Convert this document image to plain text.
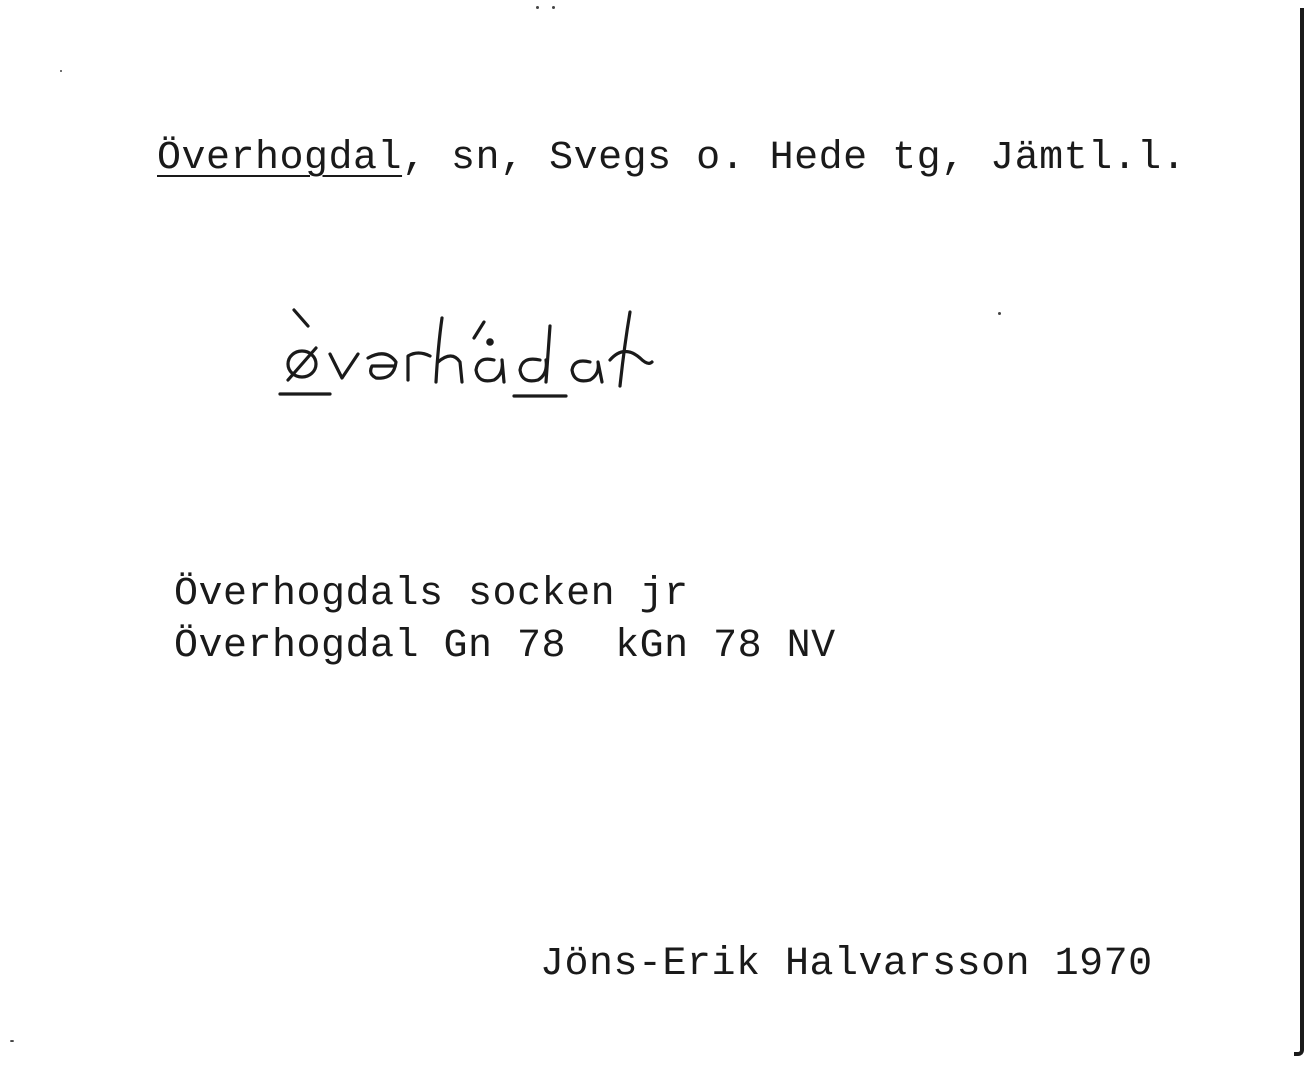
Överhogdal, sn, Svegs o. Hede tg, Jämtl.l.
Överhogdals socken jr
Överhogdal Gn 78  kGn 78 NV
Jöns-Erik Halvarsson 1970
